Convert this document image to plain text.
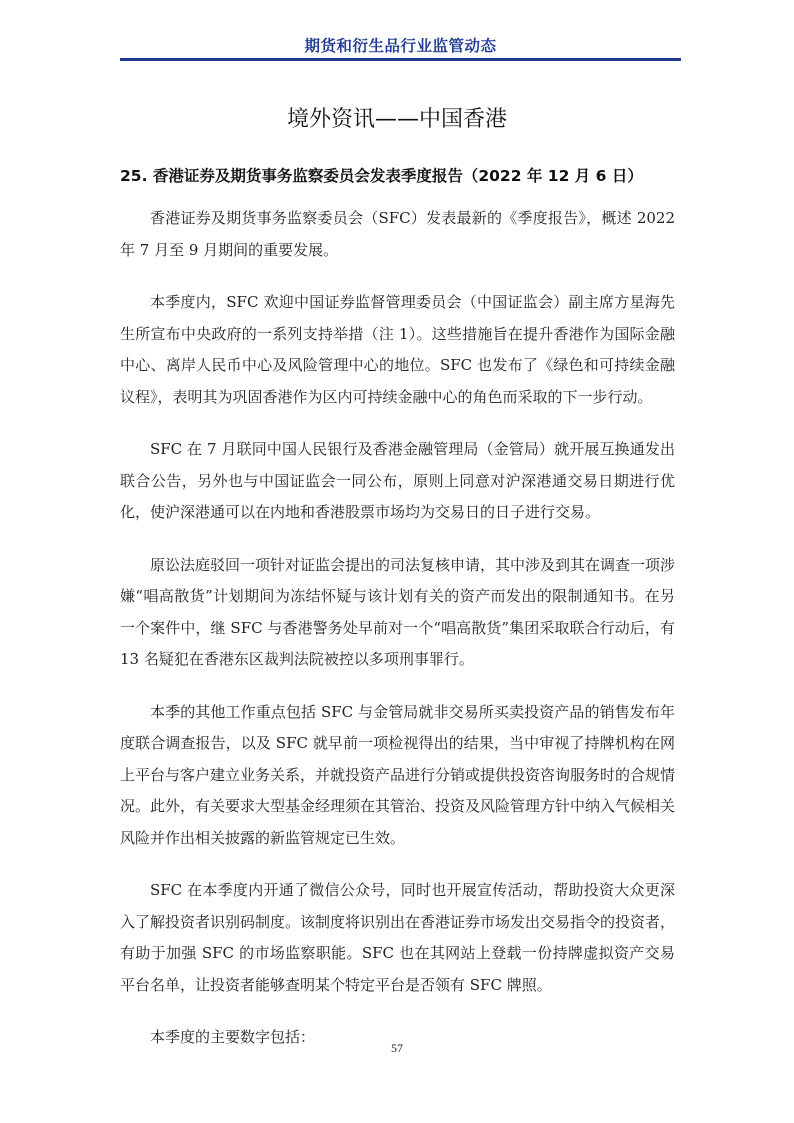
期货和衍生品行业监管动态
境外资讯——中国香港
25. 香港证券及期货事务监察委员会发表季度报告（2022 年 12 月 6 日）

香港证券及期货事务监察委员会（SFC）发表最新的《季度报告》，概述 2022 年 7 月至 9 月期间的重要发展。

本季度内，SFC 欢迎中国证券监督管理委员会（中国证监会）副主席方星海先生所宣布中央政府的一系列支持举措（注 1）。这些措施旨在提升香港作为国际金融中心、离岸人民币中心及风险管理中心的地位。SFC 也发布了《绿色和可持续金融议程》，表明其为巩固香港作为区内可持续金融中心的角色而采取的下一步行动。

SFC 在 7 月联同中国人民银行及香港金融管理局（金管局）就开展互换通发出联合公告，另外也与中国证监会一同公布，原则上同意对沪深港通交易日期进行优化，使沪深港通可以在内地和香港股票市场均为交易日的日子进行交易。

原讼法庭驳回一项针对证监会提出的司法复核申请，其中涉及到其在调查一项涉嫌“唱高散货”计划期间为冻结怀疑与该计划有关的资产而发出的限制通知书。在另一个案件中，继 SFC 与香港警务处早前对一个“唱高散货”集团采取联合行动后，有 13 名疑犯在香港东区裁判法院被控以多项刑事罪行。

本季的其他工作重点包括 SFC 与金管局就非交易所买卖投资产品的销售发布年度联合调查报告，以及 SFC 就早前一项检视得出的结果，当中审视了持牌机构在网上平台与客户建立业务关系，并就投资产品进行分销或提供投资咨询服务时的合规情况。此外，有关要求大型基金经理须在其管治、投资及风险管理方针中纳入气候相关风险并作出相关披露的新监管规定已生效。

SFC 在本季度内开通了微信公众号，同时也开展宣传活动，帮助投资大众更深入了解投资者识别码制度。该制度将识别出在香港证券市场发出交易指令的投资者，有助于加强 SFC 的市场监察职能。SFC 也在其网站上登载一份持牌虚拟资产交易平台名单，让投资者能够查明某个特定平台是否领有 SFC 牌照。

本季度的主要数字包括：

57
